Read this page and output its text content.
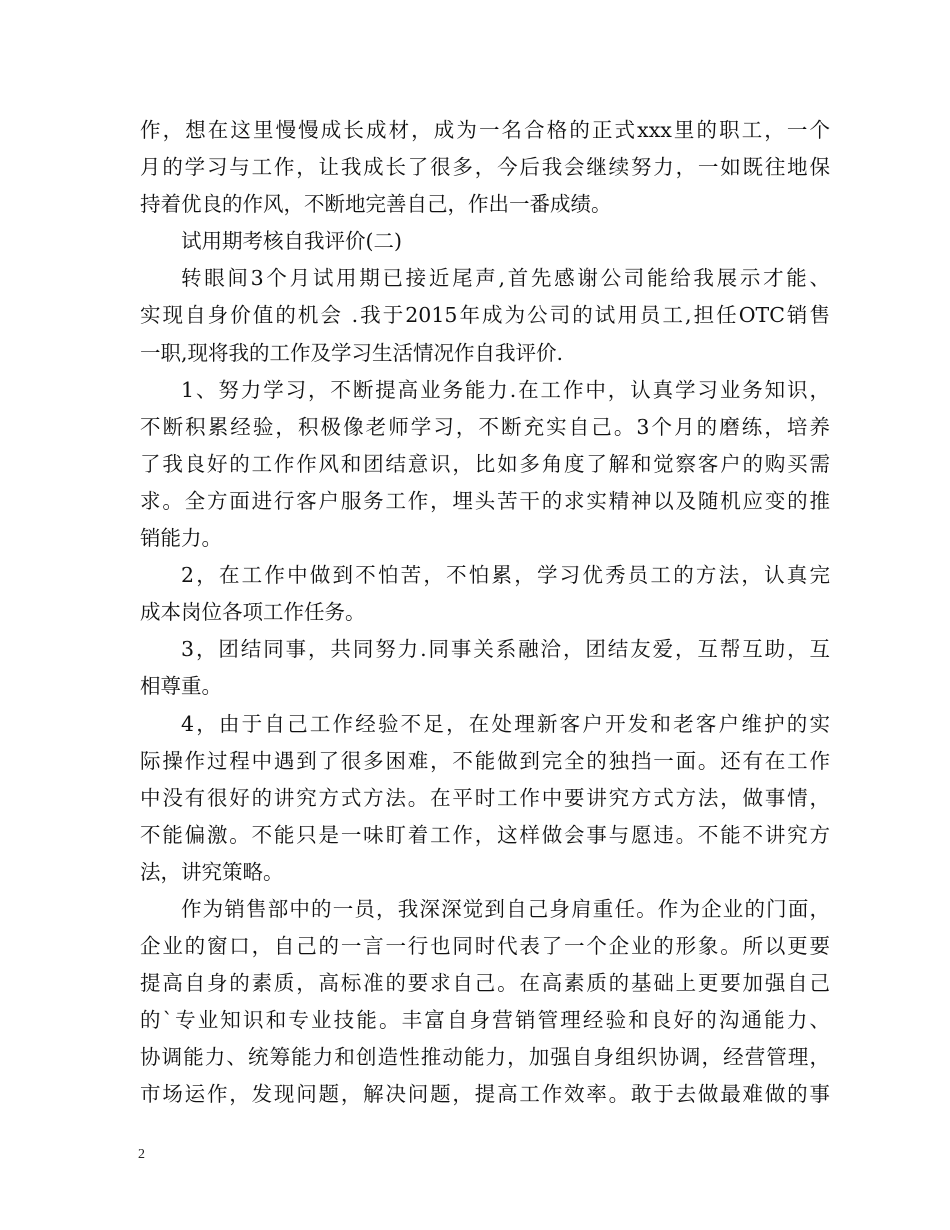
作，想在这里慢慢成长成材，成为一名合格的正式xxx里的职工，一个
月的学习与工作，让我成长了很多，今后我会继续努力，一如既往地保
持着优良的作风，不断地完善自己，作出一番成绩。
试用期考核自我评价(二)
转眼间3个月试用期已接近尾声,首先感谢公司能给我展示才能、
实现自身价值的机会 .我于2015年成为公司的试用员工,担任OTC销售
一职,现将我的工作及学习生活情况作自我评价.
1、努力学习，不断提高业务能力.在工作中，认真学习业务知识，
不断积累经验，积极像老师学习，不断充实自己。3个月的磨练，培养
了我良好的工作作风和团结意识，比如多角度了解和觉察客户的购买需
求。全方面进行客户服务工作，埋头苦干的求实精神以及随机应变的推
销能力。
2，在工作中做到不怕苦，不怕累，学习优秀员工的方法，认真完
成本岗位各项工作任务。
3，团结同事，共同努力.同事关系融洽，团结友爱，互帮互助，互
相尊重。
4，由于自己工作经验不足，在处理新客户开发和老客户维护的实
际操作过程中遇到了很多困难，不能做到完全的独挡一面。还有在工作
中没有很好的讲究方式方法。在平时工作中要讲究方式方法，做事情，
不能偏激。不能只是一味盯着工作，这样做会事与愿违。不能不讲究方
法，讲究策略。
作为销售部中的一员，我深深觉到自己身肩重任。作为企业的门面，
企业的窗口，自己的一言一行也同时代表了一个企业的形象。所以更要
提高自身的素质，高标准的要求自己。在高素质的基础上更要加强自己
的`专业知识和专业技能。丰富自身营销管理经验和良好的沟通能力、
协调能力、统筹能力和创造性推动能力，加强自身组织协调，经营管理，
市场运作，发现问题，解决问题，提高工作效率。敢于去做最难做的事
2
